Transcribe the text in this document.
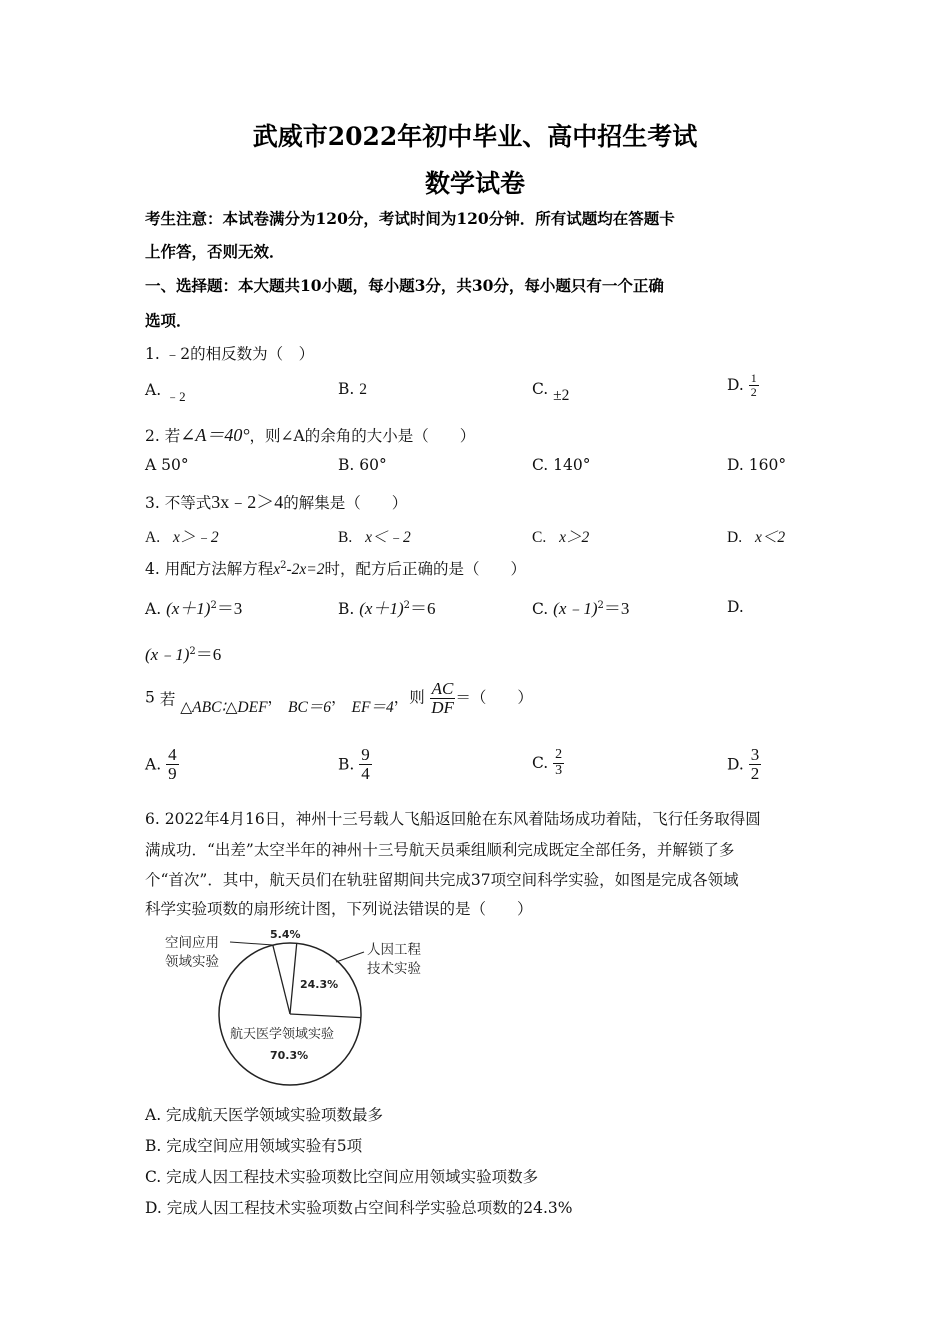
武威市2022年初中毕业、高中招生考试
数学试卷
考生注意：本试卷满分为120分，考试时间为120分钟．所有试题均在答题卡
上作答，否则无效．
一、选择题：本大题共10小题，每小题3分，共30分，每小题只有一个正确
选项．
1. ﹣2的相反数为（　）
A. $_{﹣2}$	B. 2	C. ±2
D. $\frac{1}{2}$
2. 若∠A＝40°，则∠A的余角的大小是（　　）
A 50°	B. 60°	C. 140°	D. 160°
3. 不等式3x﹣2＞4的解集是（　　）
A. x＞﹣2	B. x＜﹣2	C. x＞2	D. x＜2
4. 用配方法解方程$x^2-2x=2$时，配方后正确的是（　　）
A. $(x+1)^2=3$	B. $(x+1)^2=6$	C. (x﹣1)$^2$＝3	D.
(x﹣1)$^2$＝6
5 若 △ABC∶△DEF， BC＝6， EF＝4，则 $\frac{AC}{DF}$ ＝（　　）
A. $\frac{4}{9}$	B. $\frac{9}{4}$	C. $\frac{2}{3}$	D. $\frac{3}{2}$
6. 2022年4月16日，神州十三号载人飞船返回舱在东风着陆场成功着陆，飞行任务取得圆
满成功．“出差”太空半年的神州十三号航天员乘组顺利完成既定全部任务，并解锁了多
个“首次”．其中，航天员们在轨驻留期间共完成37项空间科学实验，如图是完成各领域
科学实验项数的扇形统计图，下列说法错误的是（　　）
空间应用
领域实验
5.4%
人因工程
技术实验
24.3%
航天医学领域实验
70.3%
A. 完成航天医学领域实验项数最多
B. 完成空间应用领域实验有5项
C. 完成人因工程技术实验项数比空间应用领域实验项数多
D. 完成人因工程技术实验项数占空间科学实验总项数的24.3%
